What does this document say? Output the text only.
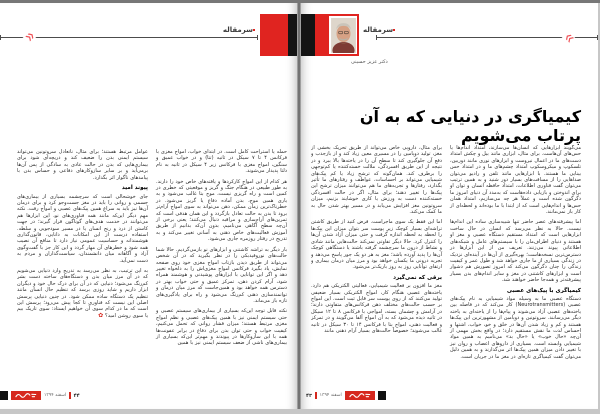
سرمقاله
❮❮

حمله یا استراحت کامل است. در ابتدای خواب، امواج مغزی با فرکانس ۴ تا ۷ سیکل در ثانیه (تتا) و در خواب عمیق و سنگین، امواج مغزی با فرکانس زیر ۴ سیکل در ثانیه به نام دلتا پدیدار می‌شوند.

هر کدام از این امواج کارکردها و یافته‌های خاص خود را دارند. به طور طبیعی در هنگام جنگ و گریز و موقعیتی که خطری در کمین است و راه گریزی نیست، موج بتا غالب می‌شود و به یاری همین موج، بدن آماده دفاع یا گریز می‌شود. در خطرناک‌ترین زمان ممکن، ذهن می‌تواند به سوی امواج آرام‌تر برود تا بدن به حالت تعادل بازگردد و این همان هدفی است که تمرین‌های آرام‌سازی و مراقبه دنبال می‌کنند؛ یعنی برخی از آن‌چه سطح آگاهی می‌نامیم، بدون آن‌که بدانیم از طریق آموزش فعالیت‌های خاص ذهنی به آسانی تغییر می‌کند و به تدریج در رفتار روزمره جاری می‌شود.

بار دیگر به تراشه کاشتنی و ابزارهای نو بازمی‌گردیم. حالا شما حالت‌های نوروفیدبکی را در نظر بگیرید که در آن شخص می‌تواند از طریق دیدن بازتاب امواج مغزی خود روی صفحه نمایش، یاد بگیرد فرکانس امواج مغزی‌اش را به دلخواه تغییر دهد و اگر این توانایی با ابزارهای پوشیدنی و هوشمند همراه شود، آرام کردن ذهن، تمرکز عمیق و حتی خواب بهتر در دسترس همه خواهد بود و همین‌جاست که مرز میان درمان و توانمندسازی ذهنی کم‌رنگ می‌شود و راه برای یادگیری‌های تازه باز می‌ماند.

نکته قابل توجه این‌که بسیاری از بیماری‌های سیستم عصبی و حتی سیستم ایمنی نیز با همین پیک‌های عصبی و نظم امواج مغزی مرتبط هستند؛ میزان فشار روانی که تحمل می‌کنیم، کیفیت خواب و حتی توان بدن برای دفاع در برابر عفونت‌ها همه با این سازوکارها در پیوندند و مهم‌تر این‌که بسیاری از بیماری‌های ناشی از ضعف سیستم ایمنی نیز با همین

عوامل مرتبط هستند؛ برای مثال، ناتعادل سروتونین می‌تواند سیستم ایمنی بدن را ضعیف کند و دریچه‌ای شود برای بیماری‌هایی که بدن در حالت عادی به سادگی از پس آن‌ها برمی‌آید و بر سایر سازوکارهای دفاعی و حساس بدن با پیامدهای ناگوار اثر بگذارد.

پیوند امید

جای خوشحالی است که سرچشمه بسیاری از بیماری‌های جسمی و روانی را باید در مغز جست‌وجو کرد و برای درمان آن‌ها نیز باید به سراغ همین پیک‌های عصبی و امواج رفت. نکته مهم دیگر این‌که مانند همه فناوری‌های نو، این ابزارها هم می‌توانند در خدمت هدف‌های گوناگون قرار گیرند؛ در جهت کاستن از درد و رنج انسان یا در مسیر سودجویی و سلطه. استفاده درست از این امکانات به دانایی، قانون‌گذاری هوشمندانه و حساسیت عمومی نیاز دارد تا منافع آن نصیب همه شود و خطرهای آن مهار گردد و این کار جز با گفت‌وگوی آزاد و آگاهانه میان دانشمندان، سیاست‌گذاران و مردم به دست نمی‌آید.

به این ترتیب، به نظر می‌رسد به تدریج وارد دنیایی می‌شویم که در آن مرز میان بدن و دستگاه‌های ساخته دست بشر کم‌رنگ می‌شود؛ دنیایی که در آن برای درک حال خود و دیگران ابزار داریم و شاید روزی برسد که تنظیم حال انسان مانند تنظیم یک دستگاه ساده ممکن شود. در چنین دنیایی پرسش اصلی این نیست که فناوری تا کجا پیش می‌رود؛ پرسش این است که ما در کدام سوی آن خواهیم ایستاد: سوی تاریک بیم یا سوی روشن امید؟ ✿

اسفند ۱۳۹۴ ۴۴
سرمقاله
دکتر عزیز حسینی
❯❯
کیمیاگری در دنیایی که به آن پرتاب می‌شویم

می‌گویند ابزارهایی که انسان‌ها می‌سازند، امتداد اندام‌ها یا حس‌های آن‌هاست. برای مثال، ابزاری مانند بیل و چکش امتداد دست‌های ما در اعمال نیروست و ابزارهای نوری مانند دوربین، تلسکوپ و میکروسکوپ امتداد چشم‌های ما و در امتداد حس بینایی ما هستند. با ابزارهایی مانند تلفن و رادیو می‌توان صداهایی را از مسافت‌های بسیار دور شنید و به همین ترتیب می‌توان گفت فناوری اطلاعات، امتداد حافظه انسان و توان او برای اندوختن و بازیابی داده‌هاست که به‌مدد آن دنیای امروز ما دگرگون شده است و عملاً هر چه می‌سازیم، امتداد همان حس‌ها و اندام‌هایی است که از ابتدا با ما بوده‌اند و لحظه‌ای از کار باز نمی‌مانند.

اما پیشرفته‌های عصر حاضر تنها شبیه‌سازی ساده این اندام‌ها نیست. حالا به نظر می‌رسد که انسان در حال ساخت ابزارهایی است که امتداد مستقیم دستگاه عصبی و مغز او هستند و دنیای اطراف‌مان را با سیستم‌های عامل و شبکه‌های اطلاعاتی پیوند می‌زنند. تعریف من از این ابزارها در دسترس‌ترین نسخه‌هاست؛ بهره‌گیری از آن‌ها در آینده‌ای نزدیک در زندگی بسیاری از ما جاری خواهد شد و طول عمر و کیفیت زندگی را چنان دگرگون می‌کند که امروز تصورش هم دشوار است و ابزارهای کاشتنی در مغز و سایر اندام‌های بدن بسیار پیشرفته‌تر و همه‌جا حاضر خواهند شد.

کیمیاگری با پیک‌های عصبی

دستگاه عصبی ما به وسیله مواد شیمیایی به نام پیک‌های عصبی (Neurotransmitters) کار می‌کند که در فاصله بین یاخته‌های عصبی آزاد می‌شوند و پیام‌ها را از یاخته‌ای به یاخته دیگر می‌رسانند. سروتونین و دوپامین از مشهورترین این پیک‌ها هستند و کم و زیاد شدن آن‌ها در خلق و خو، خواب، اشتها و احساس لذت ما نقش مستقیم دارد؛ در واقع بخش مهمی از آن‌چه «حال خوب» یا «حال بد» می‌نامیم به همین مواد شیمیایی وابسته است. بسیاری از داروهای اعصاب و روان نیز با تغییر دادن میزان همین پیک‌ها اثر می‌گذارند و به همین دلیل می‌توان گفت کیمیاگری تازه‌ای در مغز ما در جریان است.

برای مثال، دارویی خاص می‌تواند از طریق تحریک بخشی از مغز، تولید دوپامین را در مسیری معین زیاد کند و از بازجذب و دفع آن جلوگیری کند تا سطح آن را در یاخته‌ها بالا ببرد و در نتیجه از این طریق افسردگی، ملالت خسته‌کننده یا کم‌توجهی را برطرف کند. همان‌گونه که ترشح زیاد یا کم پیک‌های شیمیایی می‌تواند بر احساسات، عواطف و رفتارهای ما تأثیر بگذارد، رفتارها و تجربه‌های ما هم می‌توانند میزان ترشح این پیک‌ها را تغییر دهند؛ برای مثال، اگر در حالت افسردگی خسته‌کننده دست به ورزش یا کاری خوشایند بزنیم، میزان سروتونین مغز افزایش می‌یابد و در مسیر بهتر شدن حال به ما کمک می‌کند.

اما این فقط یک سوی ماجراست. فرض کنید از طریق کاشتن تراشه‌ای بسیار کوچک زیر پوست سر بتوان میزان این پیک‌ها را لحظه به لحظه اندازه گرفت و حتی میزان آزاد شدن آن‌ها را کنترل کرد. حالا دیگر تفاوتی نمی‌کند حالت‌هایی مانند شادی و نشاط از درون ما سرچشمه گرفته باشند یا دستگاهی کوچک آن‌ها را پدید آورده باشد؛ مغز به هر دو یک جور پاسخ می‌دهد و تجربه درونی ما یکسان خواهد بود و مرز میان درمان بیماری و ارتقای توانایی روز به روز باریک‌تر می‌شود.

برقی که نمی‌گیرد

مغز ما افزون بر فعالیت شیمیایی، فعالیتی الکتریکی هم دارد. یاخته‌های عصبی هنگام کار، امواج الکتریکی بسیار ضعیفی تولید می‌کنند که از روی پوست سر قابل ثبت است. این امواج بر حسب حالت‌های مختلف ذهن فرکانس‌های متفاوتی دارند؛ در آرامش و چشمان بسته، امواجی با فرکانس ۸ تا ۱۲ سیکل در ثانیه دیده می‌شود که به آن امواج آلفا می‌گویند و در تمرکز و فعالیت ذهنی، امواج بتا با فرکانس ۱۴ تا ۳۰ سیکل در ثانیه غالب می‌شوند؛ خصوصاً حالت‌های بسیار آرام ذهنی مانند

اسفند ۱۳۹۴
۴۳
